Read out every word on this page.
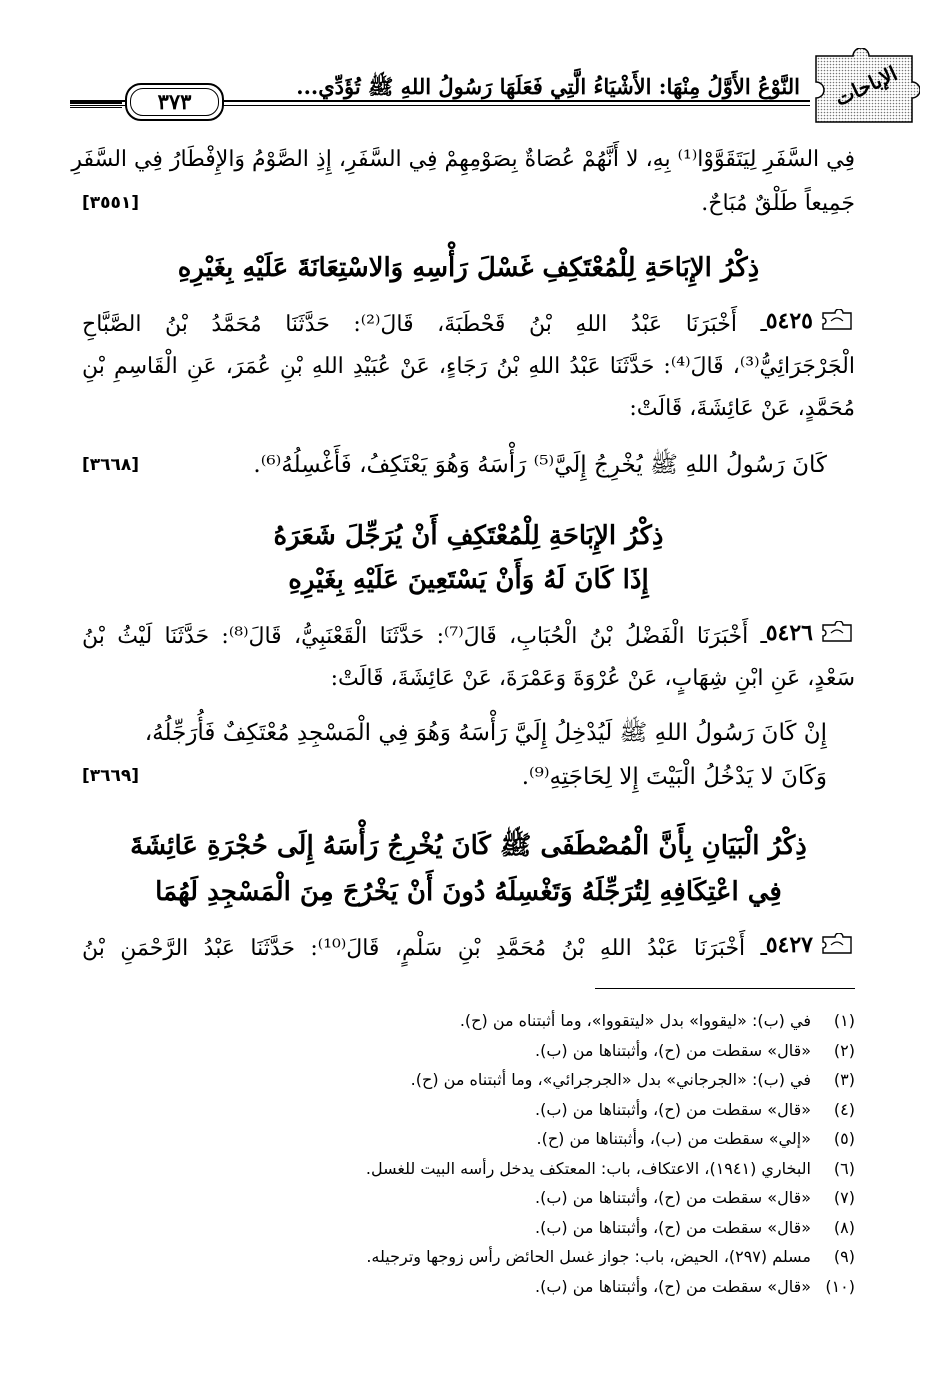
الإباحات
النَّوْعُ الأَوَّلُ مِنْهَا: الأَشْيَاءُ الَّتِي فَعَلَهَا رَسُولُ اللهِ ﷺ تُؤَدِّي...
٣٧٣
فِي السَّفَرِ لِيَتَقَوَّوْا⁽¹⁾ بِهِ، لا أَنَّهُمْ عُصَاةٌ بِصَوْمِهِمْ فِي السَّفَرِ، إِذِ الصَّوْمُ وَالإِفْطَارُ فِي السَّفَرِ
جَمِيعاً طَلْقٌ مُبَاحٌ.
[٣٥٥١]
ذِكْرُ الإِبَاحَةِ لِلْمُعْتَكِفِ غَسْلَ رَأْسِهِ وَالاسْتِعَانَةَ عَلَيْهِ بِغَيْرِهِ
٥٤٢٥
ـ أَخْبَرَنَا عَبْدُ اللهِ بْنُ قَحْطَبَةَ، قَالَ⁽²⁾: حَدَّثَنَا مُحَمَّدُ بْنُ الصَّبَّاحِ
الْجَرْجَرَائِيُّ⁽³⁾، قَالَ⁽⁴⁾: حَدَّثَنَا عَبْدُ اللهِ بْنُ رَجَاءٍ، عَنْ عُبَيْدِ اللهِ بْنِ عُمَرَ، عَنِ الْقَاسِمِ بْنِ
مُحَمَّدٍ، عَنْ عَائِشَةَ، قَالَتْ:
كَانَ رَسُولُ اللهِ ﷺ يُخْرِجُ إِلَيَّ⁽⁵⁾ رَأْسَهُ وَهُوَ يَعْتَكِفُ، فَأَغْسِلُهُ⁽⁶⁾.
[٣٦٦٨]
ذِكْرُ الإِبَاحَةِ لِلْمُعْتَكِفِ أَنْ يُرَجِّلَ شَعَرَهُ
إِذَا كَانَ لَهُ وَأَنْ يَسْتَعِينَ عَلَيْهِ بِغَيْرِهِ
٥٤٢٦
ـ أَخْبَرَنَا الْفَضْلُ بْنُ الْحُبَابِ، قَالَ⁽⁷⁾: حَدَّثَنَا الْقَعْنَبِيُّ، قَالَ⁽⁸⁾: حَدَّثَنَا لَيْثُ بْنُ
سَعْدٍ، عَنِ ابْنِ شِهَابٍ، عَنْ عُرْوَةَ وَعَمْرَةَ، عَنْ عَائِشَةَ، قَالَتْ:
إِنْ كَانَ رَسُولُ اللهِ ﷺ لَيُدْخِلُ إِلَيَّ رَأْسَهُ وَهُوَ فِي الْمَسْجِدِ مُعْتَكِفٌ فَأُرَجِّلُهُ،
وَكَانَ لا يَدْخُلُ الْبَيْتَ إِلا لِحَاجَتِهِ⁽⁹⁾.
[٣٦٦٩]
ذِكْرُ الْبَيَانِ بِأَنَّ الْمُصْطَفَى ﷺ كَانَ يُخْرِجُ رَأْسَهُ إِلَى حُجْرَةِ عَائِشَةَ
فِي اعْتِكَافِهِ لِتُرَجِّلَهُ وَتَغْسِلَهُ دُونَ أَنْ يَخْرُجَ مِنَ الْمَسْجِدِ لَهُمَا
٥٤٢٧
ـ أَخْبَرَنَا عَبْدُ اللهِ بْنُ مُحَمَّدِ بْنِ سَلْمٍ، قَالَ⁽¹⁰⁾: حَدَّثَنَا عَبْدُ الرَّحْمَنِ بْنُ
(١)في (ب): «ليقووا» بدل «ليتقووا»، وما أثبتناه من (ح).
(٢)«قال» سقطت من (ح)، وأثبتناها من (ب).
(٣)في (ب): «الجرجاني» بدل «الجرجرائي»، وما أثبتناه من (ح).
(٤)«قال» سقطت من (ح)، وأثبتناها من (ب).
(٥)«إلي» سقطت من (ب)، وأثبتناها من (ح).
(٦)البخاري (١٩٤١)، الاعتكاف، باب: المعتكف يدخل رأسه البيت للغسل.
(٧)«قال» سقطت من (ح)، وأثبتناها من (ب).
(٨)«قال» سقطت من (ح)، وأثبتناها من (ب).
(٩)مسلم (٢٩٧)، الحيض، باب: جواز غسل الحائض رأس زوجها وترجيله.
(١٠)«قال» سقطت من (ح)، وأثبتناها من (ب).
